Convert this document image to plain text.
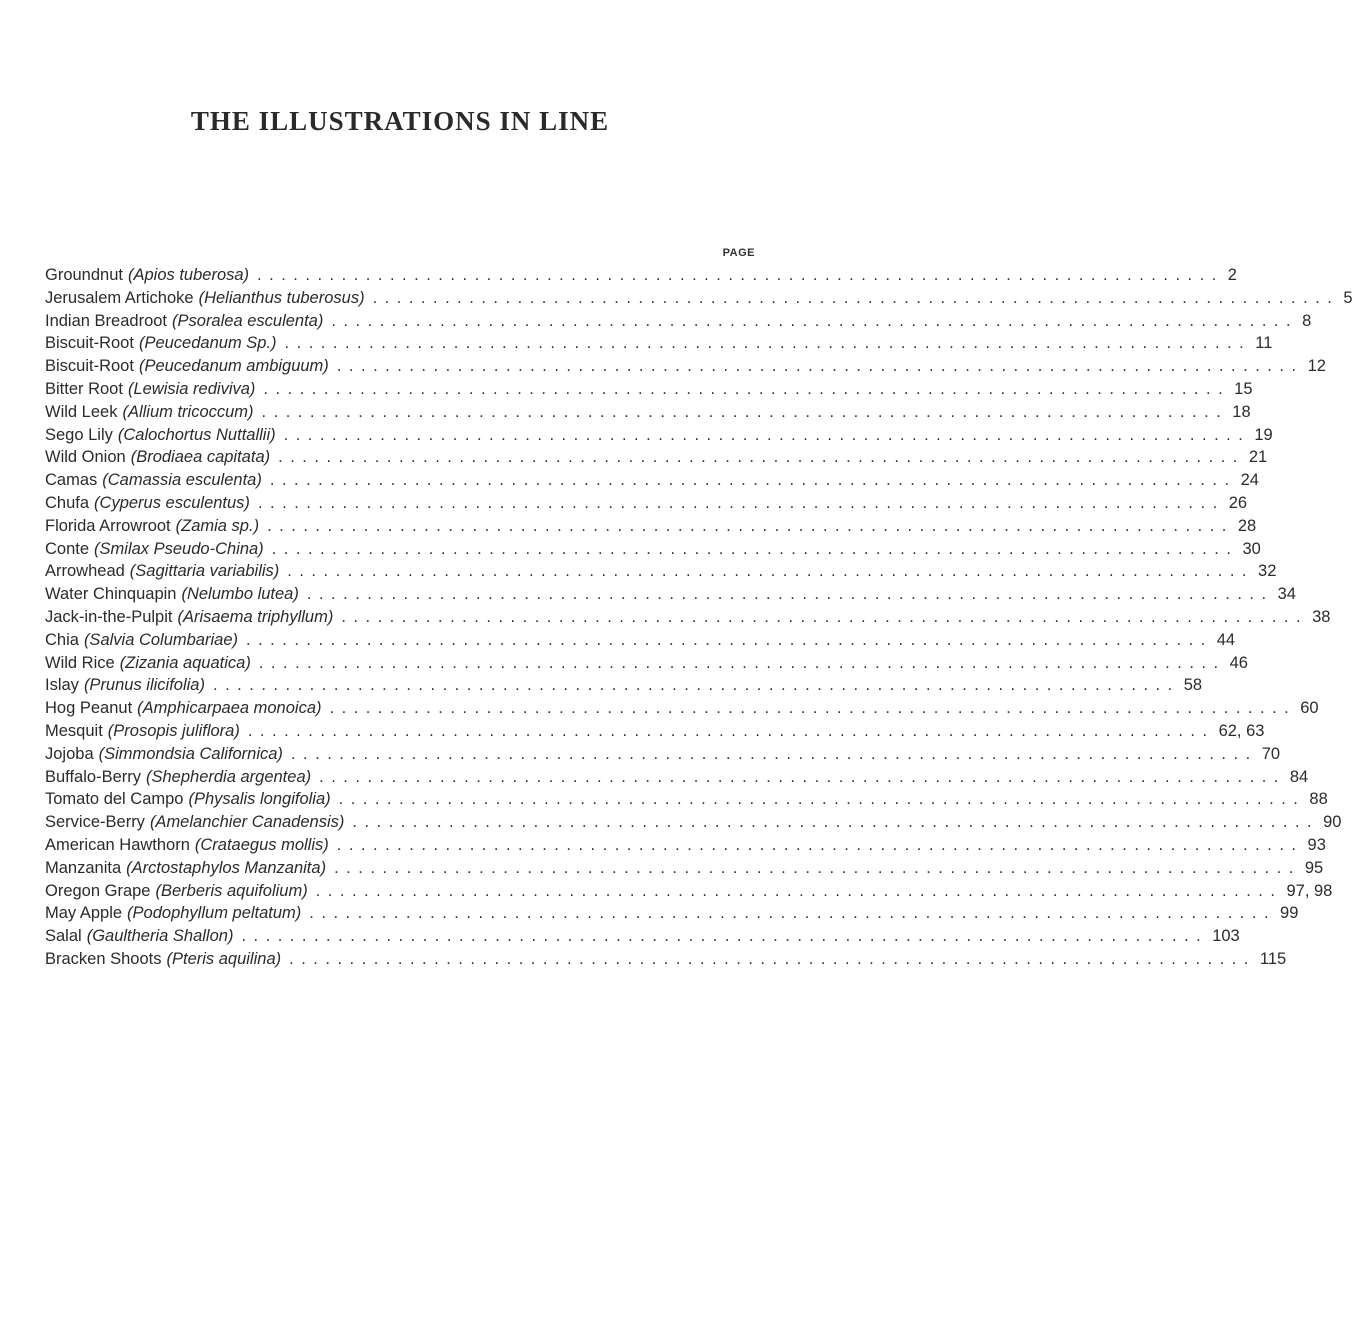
THE ILLUSTRATIONS IN LINE
PAGE
Groundnut (Apios tuberosa) ................................................................................ 2
Jerusalem Artichoke (Helianthus tuberosus) ................................................................................ 5
Indian Breadroot (Psoralea esculenta) ................................................................................ 8
Biscuit-Root (Peucedanum Sp.) ................................................................................ 11
Biscuit-Root (Peucedanum ambiguum) ................................................................................ 12
Bitter Root (Lewisia rediviva) ................................................................................ 15
Wild Leek (Allium tricoccum) ................................................................................ 18
Sego Lily (Calochortus Nuttallii) ................................................................................ 19
Wild Onion (Brodiaea capitata) ................................................................................ 21
Camas (Camassia esculenta) ................................................................................ 24
Chufa (Cyperus esculentus) ................................................................................ 26
Florida Arrowroot (Zamia sp.) ................................................................................ 28
Conte (Smilax Pseudo-China) ................................................................................ 30
Arrowhead (Sagittaria variabilis) ................................................................................ 32
Water Chinquapin (Nelumbo lutea) ................................................................................ 34
Jack-in-the-Pulpit (Arisaema triphyllum) ................................................................................ 38
Chia (Salvia Columbariae) ................................................................................ 44
Wild Rice (Zizania aquatica) ................................................................................ 46
Islay (Prunus ilicifolia) ................................................................................ 58
Hog Peanut (Amphicarpaea monoica) ................................................................................ 60
Mesquit (Prosopis juliflora) ................................................................................ 62, 63
Jojoba (Simmondsia Californica) ................................................................................ 70
Buffalo-Berry (Shepherdia argentea) ................................................................................ 84
Tomato del Campo (Physalis longifolia) ................................................................................ 88
Service-Berry (Amelanchier Canadensis) ................................................................................ 90
American Hawthorn (Crataegus mollis) ................................................................................ 93
Manzanita (Arctostaphylos Manzanita) ................................................................................ 95
Oregon Grape (Berberis aquifolium) ................................................................................ 97, 98
May Apple (Podophyllum peltatum) ................................................................................ 99
Salal (Gaultheria Shallon) ................................................................................ 103
Bracken Shoots (Pteris aquilina) ................................................................................ 115
